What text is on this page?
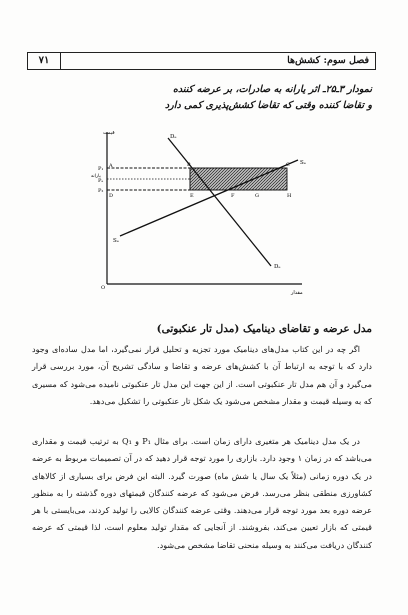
۷۱	فصل سوم: کشش‌ها
نمودار ۳ـ۲۵ـ اثر یارانه به صادرات، بر عرضه کننده
و تقاضا کننده وقتی که تقاضا کشش‌پذیری کمی دارد
قیمت
مقدار
Dₑ
Dₑ
Sₑ
Sₑ
P₁
یارانه
Pₑ
P₂
A	B	C
D	E	F	G	H
O
مدل عرضه و تقاضای دینامیک (مدل تار عنکبوتی)

اگر چه در این کتاب مدل‌های دینامیک مورد تجزیه و تحلیل قرار نمی‌گیرد، اما مدل ساده‌ای وجود دارد که با توجه به ارتباط آن با کشش‌های عرضه و تقاضا و سادگی تشریح آن، مورد بررسی قرار می‌گیرد و آن هم مدل تار عنکبوتی است. از این جهت این مدل تار عنکبوتی نامیده می‌شود که مسیری که به وسیله قیمت و مقدار مشخص می‌شود یک شکل تار عنکبوتی را تشکیل می‌دهد.

در یک مدل دینامیک هر متغیری دارای زمان است. برای مثال P₁ و Q₁ به ترتیب قیمت و مقداری می‌باشد که در زمان ۱ وجود دارد. بازاری را مورد توجه قرار دهید که در آن تصمیمات مربوط به عرضه در یک دوره زمانی (مثلاً یک سال یا شش ماه) صورت گیرد. البته این فرض برای بسیاری از کالاهای کشاورزی منطقی بنظر می‌رسد. فرض می‌شود که عرضه کنندگان قیمتهای دوره گذشته را به منظور عرضه دوره بعد مورد توجه قرار می‌دهند. وقتی عرضه کنندگان کالایی را تولید کردند، می‌بایستی با هر قیمتی که بازار تعیین می‌کند، بفروشند. از آنجایی که مقدار تولید معلوم است، لذا قیمتی که عرضه کنندگان دریافت می‌کنند به وسیله منحنی تقاضا مشخص می‌شود.
